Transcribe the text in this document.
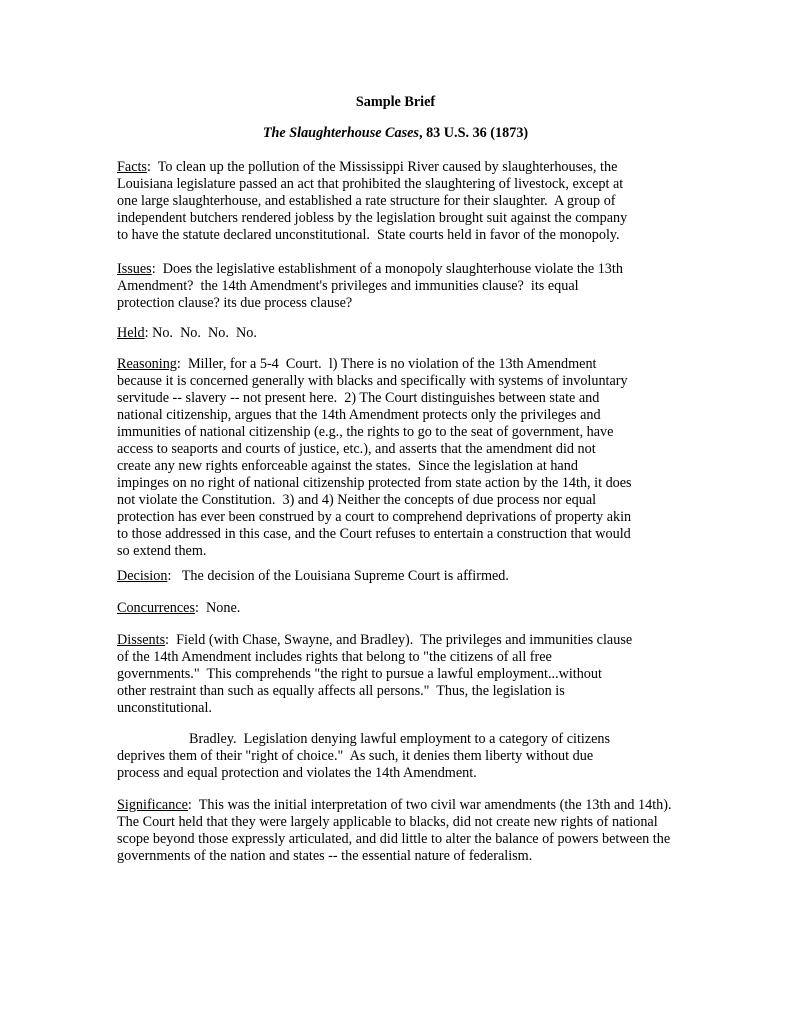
Sample Brief
The Slaughterhouse Cases, 83 U.S. 36 (1873)
Facts:  To clean up the pollution of the Mississippi River caused by slaughterhouses, the
Louisiana legislature passed an act that prohibited the slaughtering of livestock, except at
one large slaughterhouse, and established a rate structure for their slaughter.  A group of
independent butchers rendered jobless by the legislation brought suit against the company
to have the statute declared unconstitutional.  State courts held in favor of the monopoly.
Issues:  Does the legislative establishment of a monopoly slaughterhouse violate the 13th
Amendment?  the 14th Amendment's privileges and immunities clause?  its equal
protection clause? its due process clause?
Held: No.  No.  No.  No.
Reasoning:  Miller, for a 5-4  Court.  l) There is no violation of the 13th Amendment
because it is concerned generally with blacks and specifically with systems of involuntary
servitude -- slavery -- not present here.  2) The Court distinguishes between state and
national citizenship, argues that the 14th Amendment protects only the privileges and
immunities of national citizenship (e.g., the rights to go to the seat of government, have
access to seaports and courts of justice, etc.), and asserts that the amendment did not
create any new rights enforceable against the states.  Since the legislation at hand
impinges on no right of national citizenship protected from state action by the 14th, it does
not violate the Constitution.  3) and 4) Neither the concepts of due process nor equal
protection has ever been construed by a court to comprehend deprivations of property akin
to those addressed in this case, and the Court refuses to entertain a construction that would
so extend them.
Decision:   The decision of the Louisiana Supreme Court is affirmed.
Concurrences:  None.
Dissents:  Field (with Chase, Swayne, and Bradley).  The privileges and immunities clause
of the 14th Amendment includes rights that belong to "the citizens of all free
governments."  This comprehends "the right to pursue a lawful employment...without
other restraint than such as equally affects all persons."  Thus, the legislation is
unconstitutional.
Bradley.  Legislation denying lawful employment to a category of citizens
deprives them of their "right of choice."  As such, it denies them liberty without due
process and equal protection and violates the 14th Amendment.
Significance:  This was the initial interpretation of two civil war amendments (the 13th and 14th).
The Court held that they were largely applicable to blacks, did not create new rights of national
scope beyond those expressly articulated, and did little to alter the balance of powers between the
governments of the nation and states -- the essential nature of federalism.
